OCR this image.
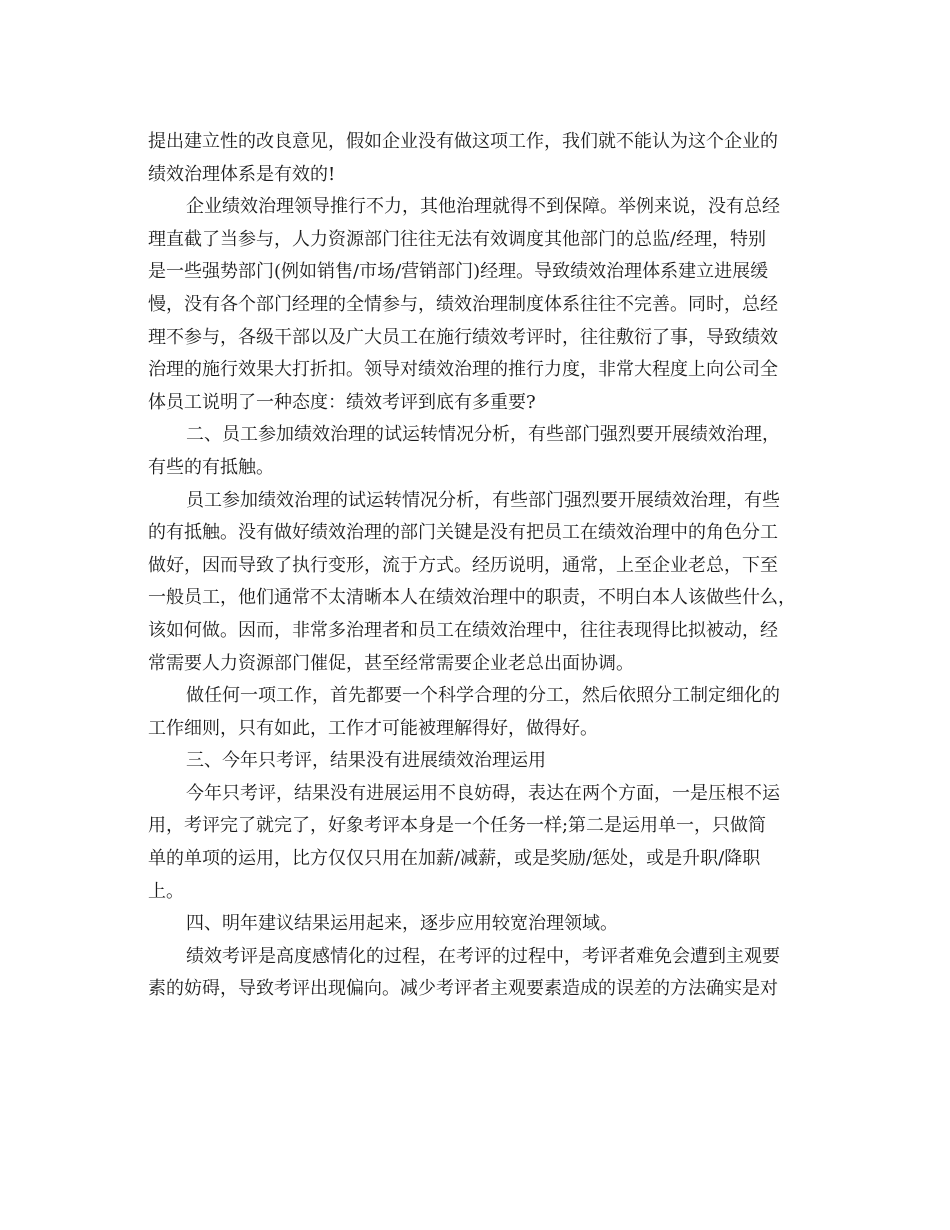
提出建立性的改良意见，假如企业没有做这项工作，我们就不能认为这个企业的
绩效治理体系是有效的!
企业绩效治理领导推行不力，其他治理就得不到保障。举例来说，没有总经
理直截了当参与，人力资源部门往往无法有效调度其他部门的总监/经理，特别
是一些强势部门(例如销售/市场/营销部门)经理。导致绩效治理体系建立进展缓
慢，没有各个部门经理的全情参与，绩效治理制度体系往往不完善。同时，总经
理不参与，各级干部以及广大员工在施行绩效考评时，往往敷衍了事，导致绩效
治理的施行效果大打折扣。领导对绩效治理的推行力度，非常大程度上向公司全
体员工说明了一种态度：绩效考评到底有多重要?
二、员工参加绩效治理的试运转情况分析，有些部门强烈要开展绩效治理，
有些的有抵触。
员工参加绩效治理的试运转情况分析，有些部门强烈要开展绩效治理，有些
的有抵触。没有做好绩效治理的部门关键是没有把员工在绩效治理中的角色分工
做好，因而导致了执行变形，流于方式。经历说明，通常，上至企业老总，下至
一般员工，他们通常不太清晰本人在绩效治理中的职责，不明白本人该做些什么，
该如何做。因而，非常多治理者和员工在绩效治理中，往往表现得比拟被动，经
常需要人力资源部门催促，甚至经常需要企业老总出面协调。
做任何一项工作，首先都要一个科学合理的分工，然后依照分工制定细化的
工作细则，只有如此，工作才可能被理解得好，做得好。
三、今年只考评，结果没有进展绩效治理运用
今年只考评，结果没有进展运用不良妨碍，表达在两个方面，一是压根不运
用，考评完了就完了，好象考评本身是一个任务一样;第二是运用单一，只做简
单的单项的运用，比方仅仅只用在加薪/减薪，或是奖励/惩处，或是升职/降职
上。
四、明年建议结果运用起来，逐步应用较宽治理领域。
绩效考评是高度感情化的过程，在考评的过程中，考评者难免会遭到主观要
素的妨碍，导致考评出现偏向。减少考评者主观要素造成的误差的方法确实是对
